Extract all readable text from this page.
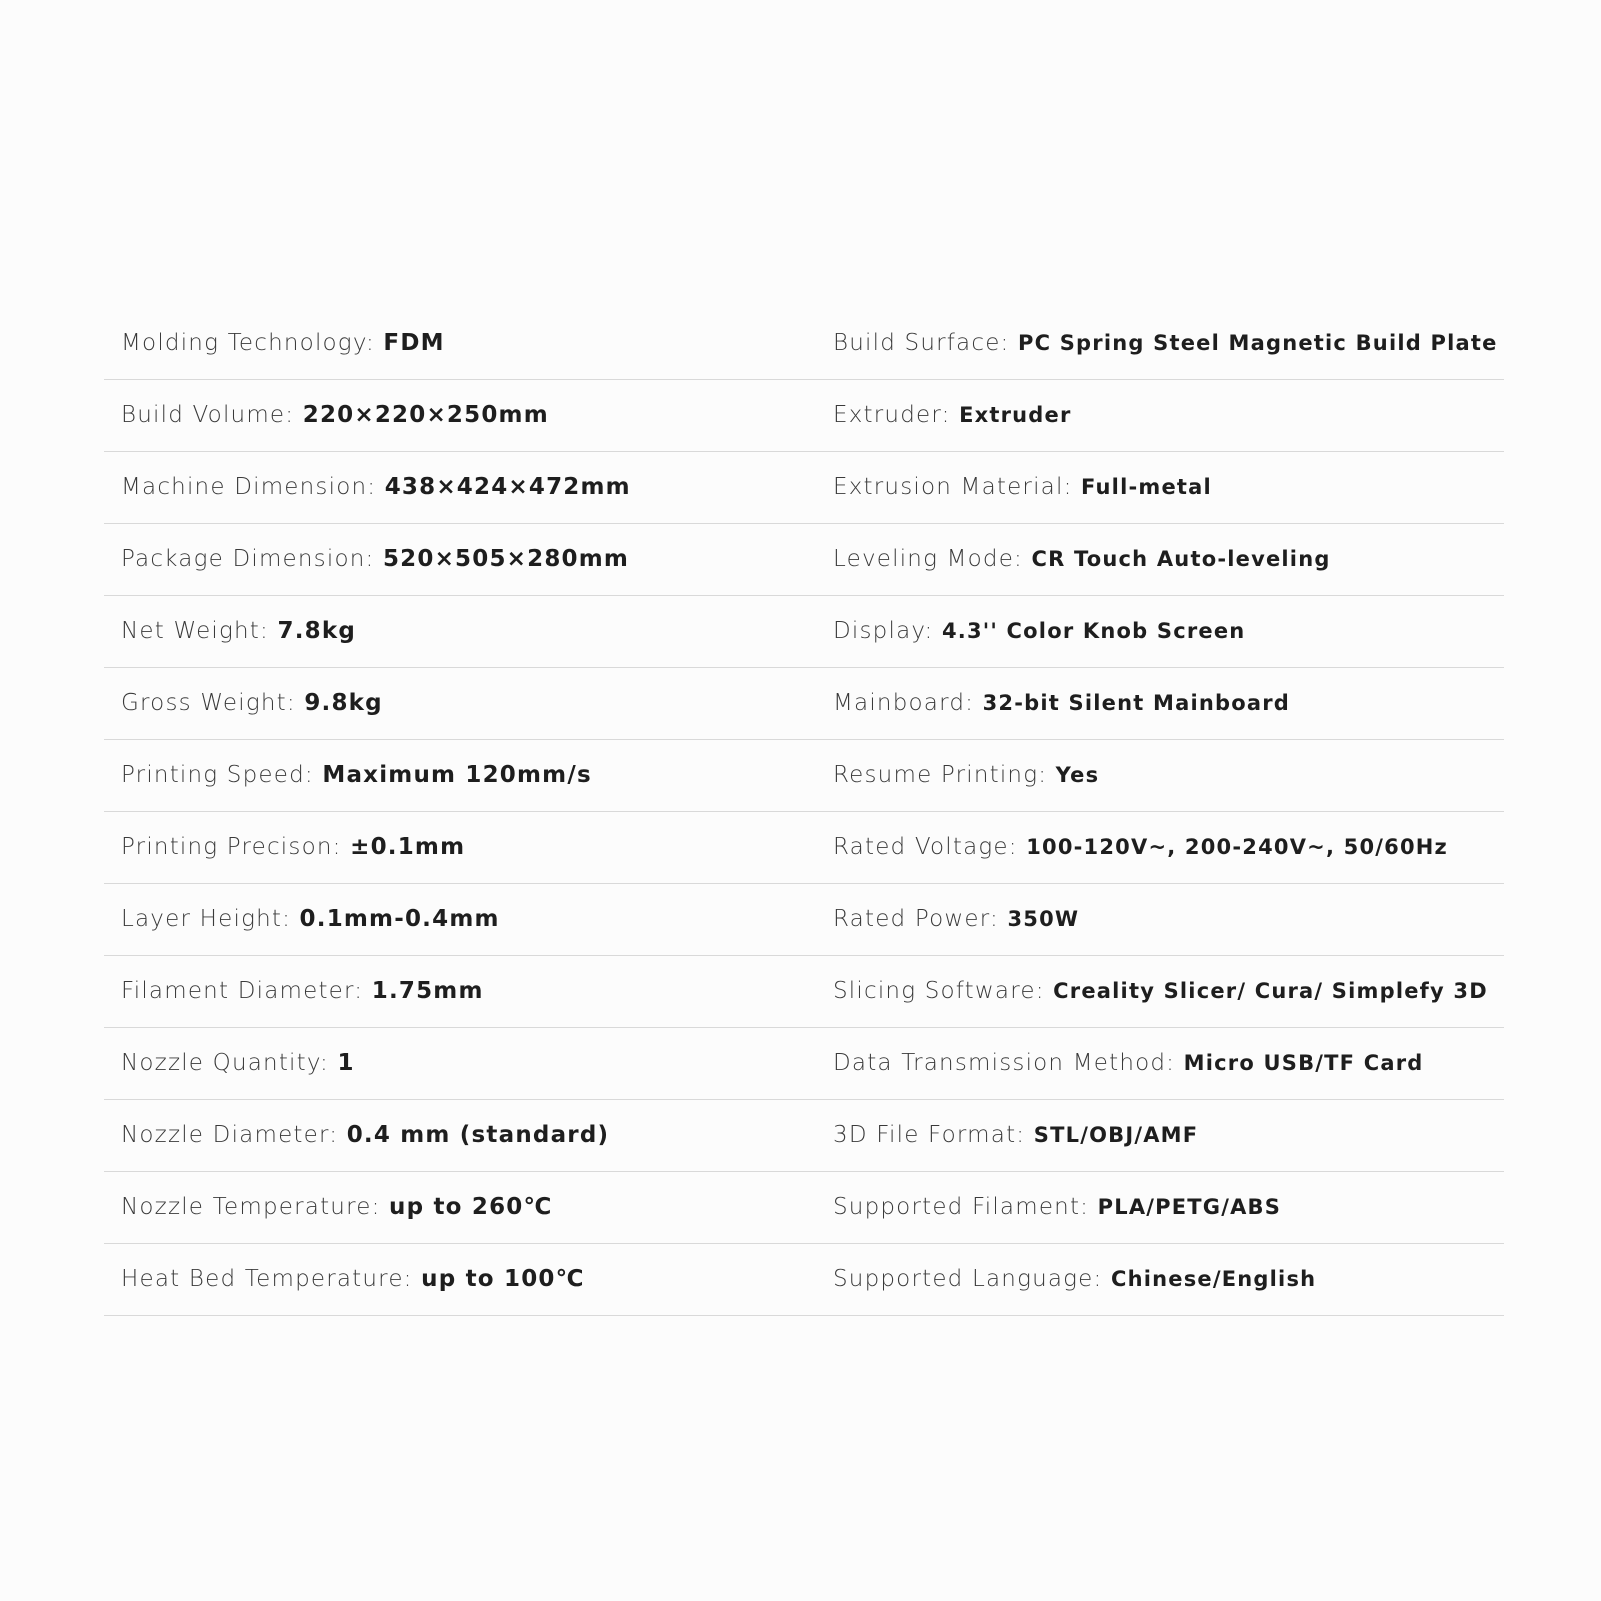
Molding Technology: FDM	Build Surface: PC Spring Steel Magnetic Build Plate
Build Volume: 220×220×250mm	Extruder: Extruder
Machine Dimension: 438×424×472mm	Extrusion Material: Full-metal
Package Dimension: 520×505×280mm	Leveling Mode: CR Touch Auto-leveling
Net Weight: 7.8kg	Display: 4.3'' Color Knob Screen
Gross Weight: 9.8kg	Mainboard: 32-bit Silent Mainboard
Printing Speed: Maximum 120mm/s	Resume Printing: Yes
Printing Precison: ±0.1mm	Rated Voltage: 100-120V~, 200-240V~, 50/60Hz
Layer Height: 0.1mm-0.4mm	Rated Power: 350W
Filament Diameter: 1.75mm	Slicing Software: Creality Slicer/ Cura/ Simplefy 3D
Nozzle Quantity: 1	Data Transmission Method: Micro USB/TF Card
Nozzle Diameter: 0.4 mm (standard)	3D File Format: STL/OBJ/AMF
Nozzle Temperature: up to 260℃	Supported Filament: PLA/PETG/ABS
Heat Bed Temperature: up to 100℃	Supported Language: Chinese/English
